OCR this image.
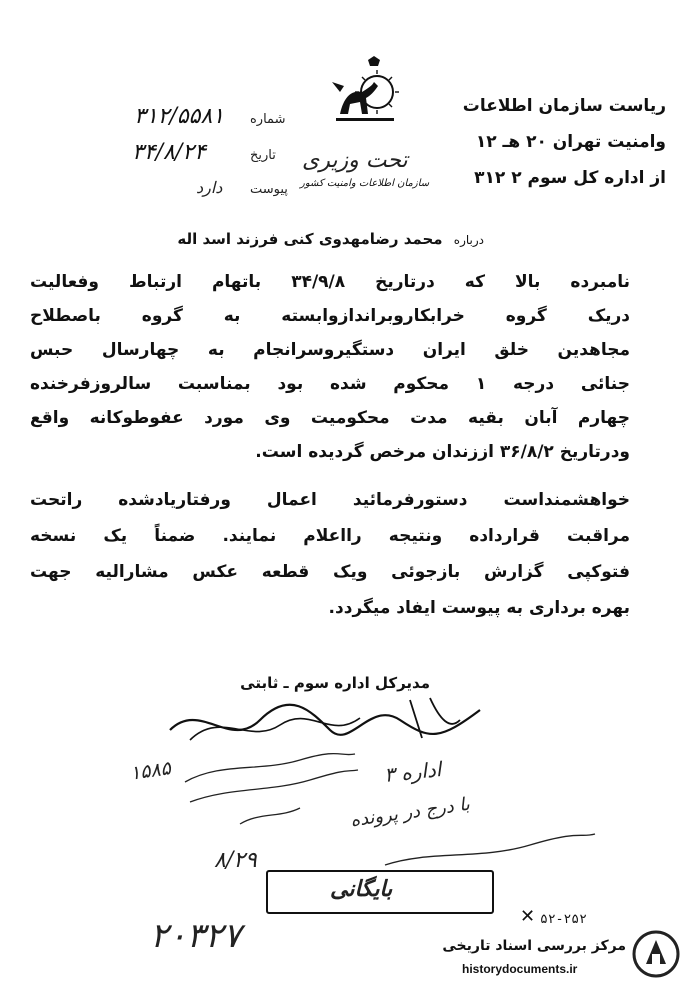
ریاست سازمان اطلاعات
وامنیت تهران ۲۰ هـ ۱۲
از اداره کل سوم ۲ ۳۱۲
تحت وزیری
سازمان اطلاعات وامنیت کشور
شماره
۳۱۲/۵۵۸۱
تاریخ
۳۴/۸/۲۴
پیوست
دارد
درباره محمد رضامهدوی کنی فرزند اسد اله
نامبرده بالا که درتاریخ ۳۴/۹/۸ باتهام ارتباط وفعالیت
دریک گروه خرابکاروبراندازوابسته به گروه باصطلاح
مجاهدین خلق ایران دستگیروسرانجام به چهارسال حبس
جنائی درجه ۱ محکوم شده بود بمناسبت سالروزفرخنده
چهارم آبان بقیه مدت محکومیت وی مورد عفوطوکانه واقع
ودرتاریخ ۳۶/۸/۲ اززندان مرخص گردیده است.
خواهشمنداست دستورفرمائید اعمال ورفتاریادشده راتحت
مراقبت قرارداده ونتیجه رااعلام نمایند. ضمناً یک نسخه
فتوکپی گزارش بازجوئی ویک قطعه عکس مشارالیه جهت
بهره برداری به پیوست ایفاد میگردد.
مدیرکل اداره سوم ـ ثابتی
۱۵۸۵	اداره ۳
با درج در پرونده
۸/۲۹
بایگانی
۲۰۳۲۷	۵۲-۲۵۲
✕
مرکز بررسی اسناد تاریخی
historydocuments.ir
